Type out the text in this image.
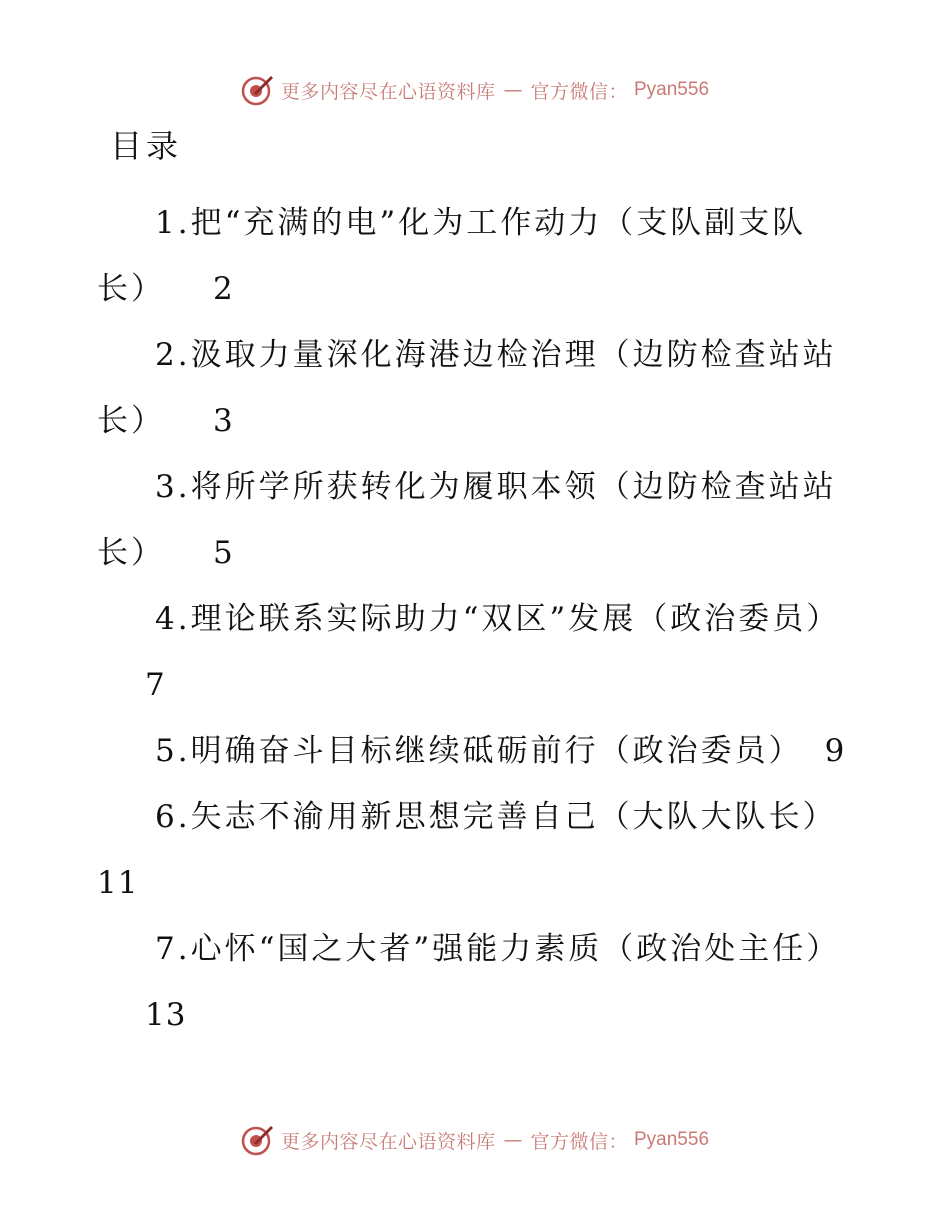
更多内容尽在心语资料库 — 官方微信： Pyan556
目录

1.把“充满的电”化为工作动力（支队副支队长） 2

2.汲取力量深化海港边检治理（边防检查站站长） 3

3.将所学所获转化为履职本领（边防检查站站长） 5

4.理论联系实际助力“双区”发展（政治委员）7

5.明确奋斗目标继续砥砺前行（政治委员） 9

6.矢志不渝用新思想完善自己（大队大队长）
11

7.心怀“国之大者”强能力素质（政治处主任）13

更多内容尽在心语资料库 — 官方微信： Pyan556
